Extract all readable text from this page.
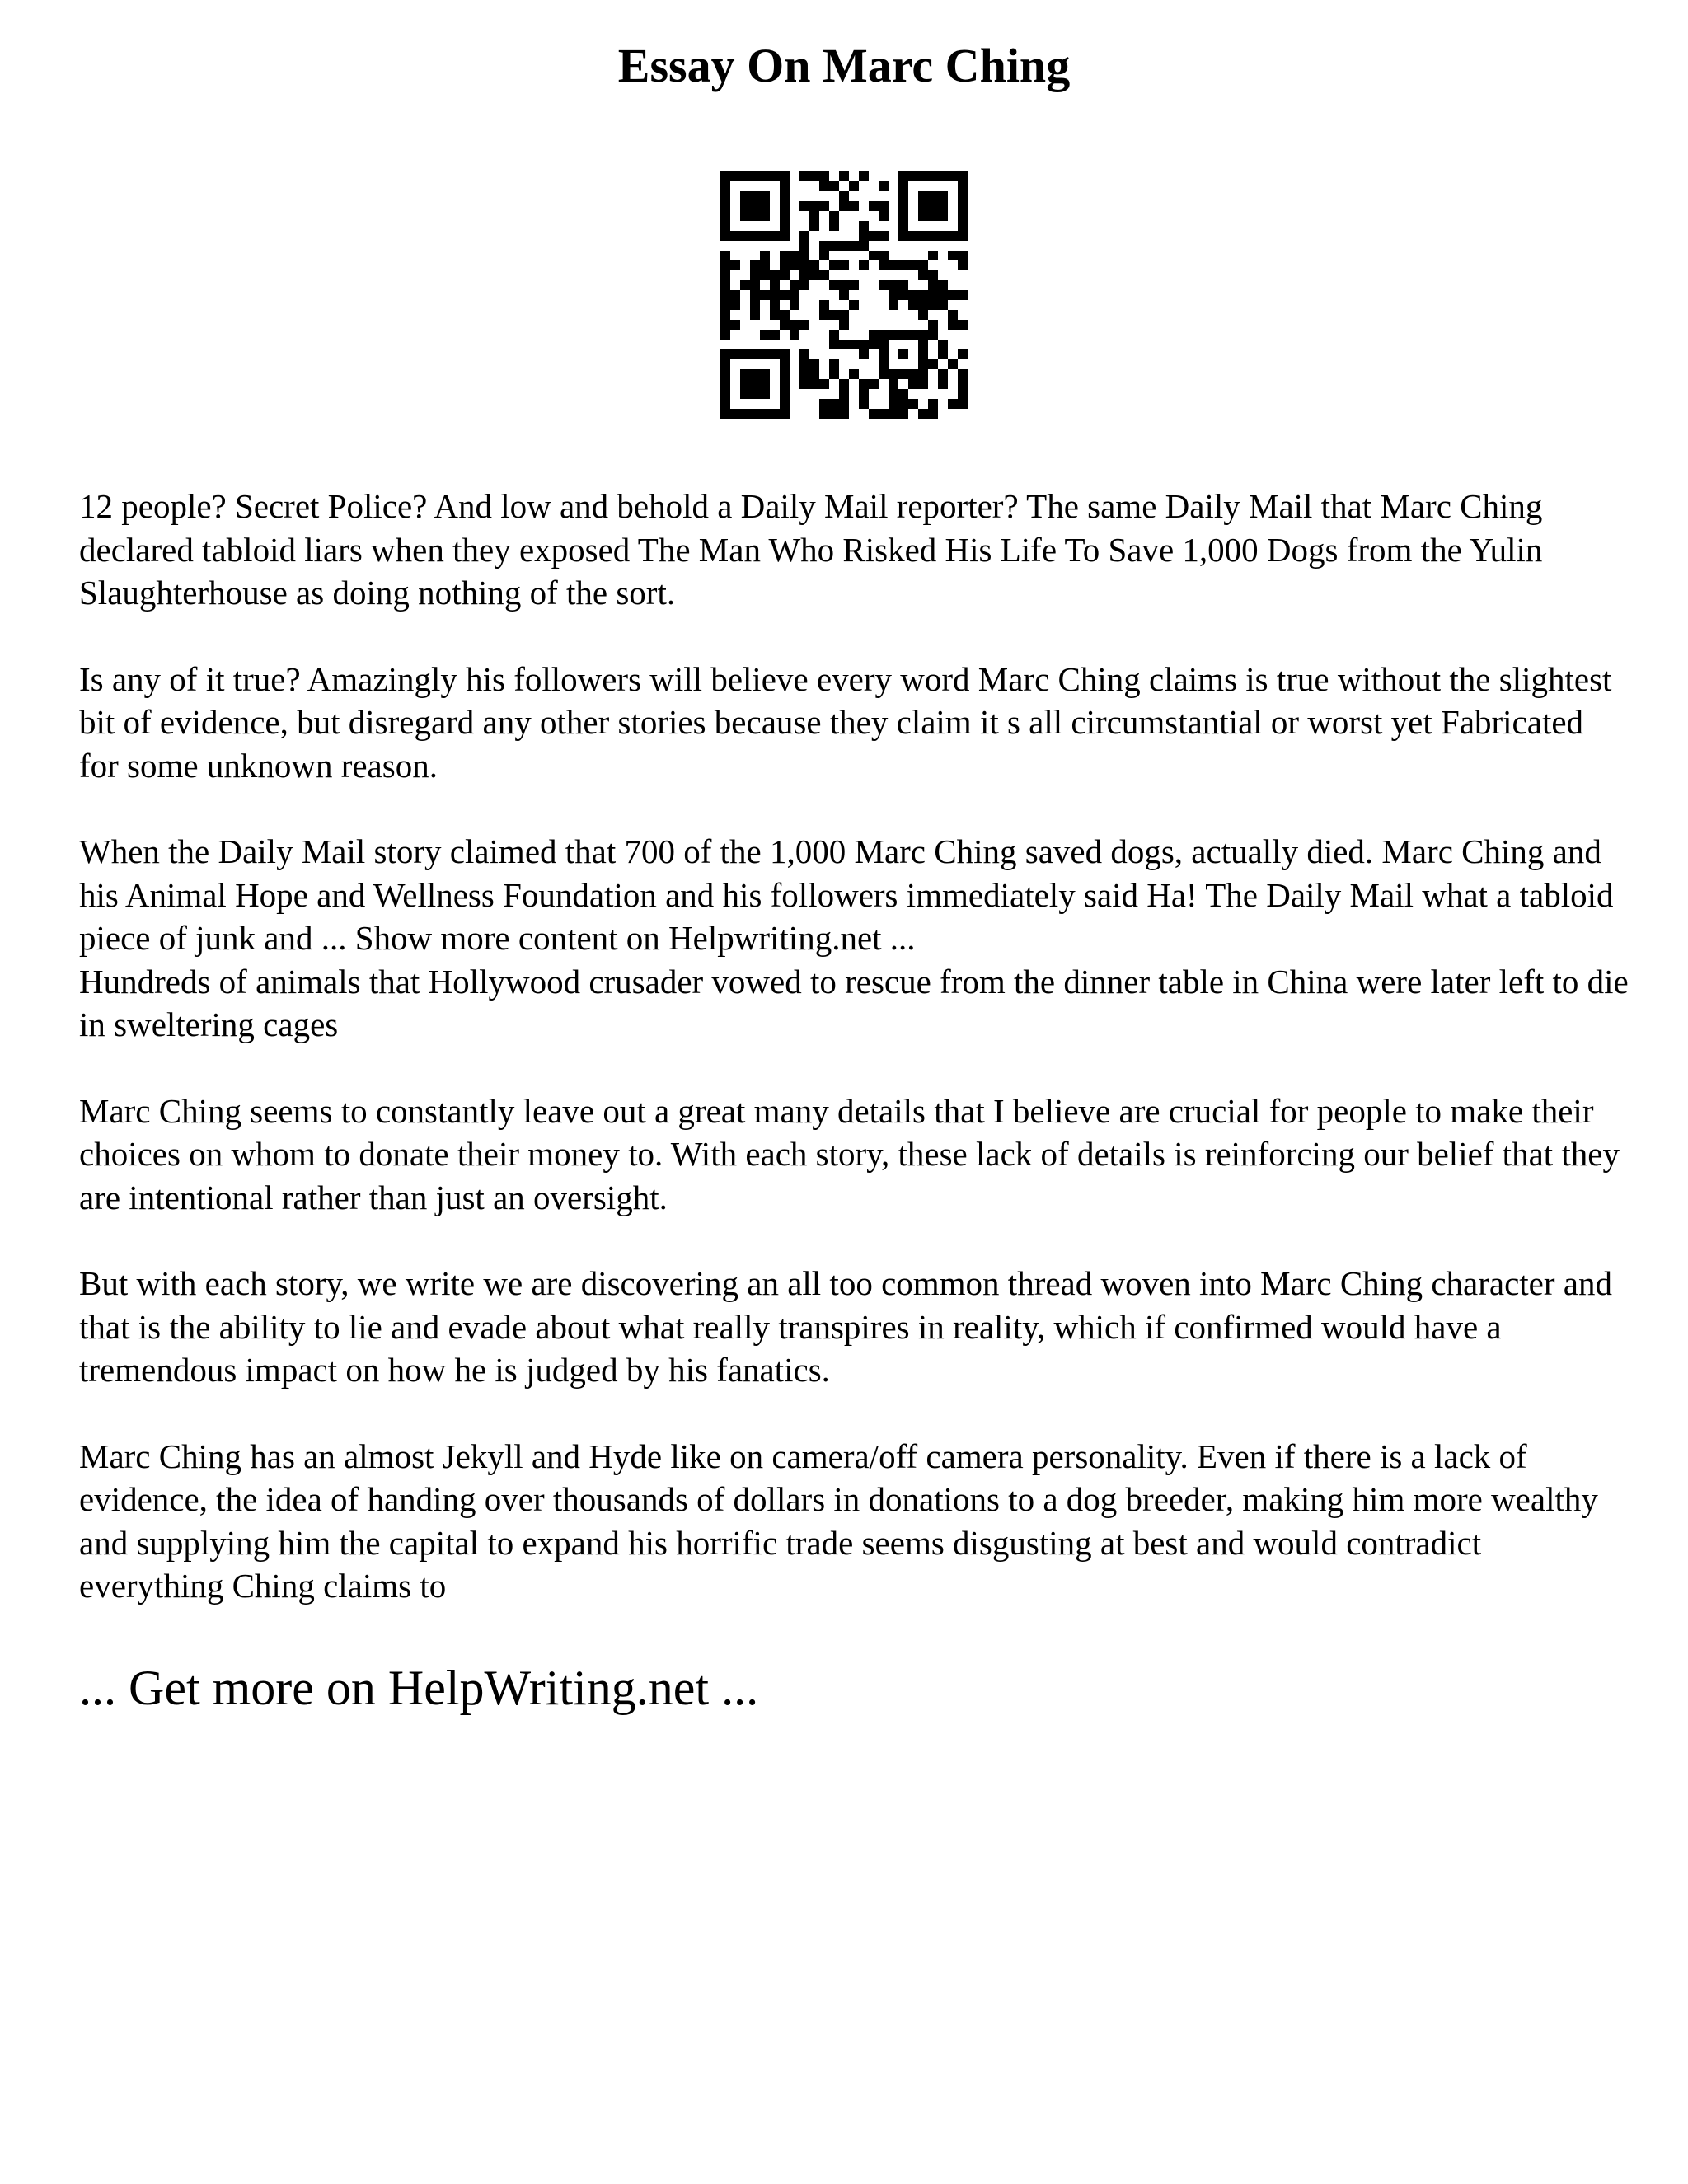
Essay On Marc Ching

12 people? Secret Police? And low and behold a Daily Mail reporter? The same Daily Mail that Marc Ching declared tabloid liars when they exposed The Man Who Risked His Life To Save 1,000 Dogs from the Yulin Slaughterhouse as doing nothing of the sort.

Is any of it true? Amazingly his followers will believe every word Marc Ching claims is true without the slightest bit of evidence, but disregard any other stories because they claim it s all circumstantial or worst yet Fabricated for some unknown reason.

When the Daily Mail story claimed that 700 of the 1,000 Marc Ching saved dogs, actually died. Marc Ching and his Animal Hope and Wellness Foundation and his followers immediately said Ha! The Daily Mail what a tabloid piece of junk and ... Show more content on Helpwriting.net ...

Hundreds of animals that Hollywood crusader vowed to rescue from the dinner table in China were later left to die in sweltering cages

Marc Ching seems to constantly leave out a great many details that I believe are crucial for people to make their choices on whom to donate their money to. With each story, these lack of details is reinforcing our belief that they are intentional rather than just an oversight.

But with each story, we write we are discovering an all too common thread woven into Marc Ching character and that is the ability to lie and evade about what really transpires in reality, which if confirmed would have a tremendous impact on how he is judged by his fanatics.

Marc Ching has an almost Jekyll and Hyde like on camera/off camera personality. Even if there is a lack of evidence, the idea of handing over thousands of dollars in donations to a dog breeder, making him more wealthy and supplying him the capital to expand his horrific trade seems disgusting at best and would contradict everything Ching claims to

... Get more on HelpWriting.net ...
